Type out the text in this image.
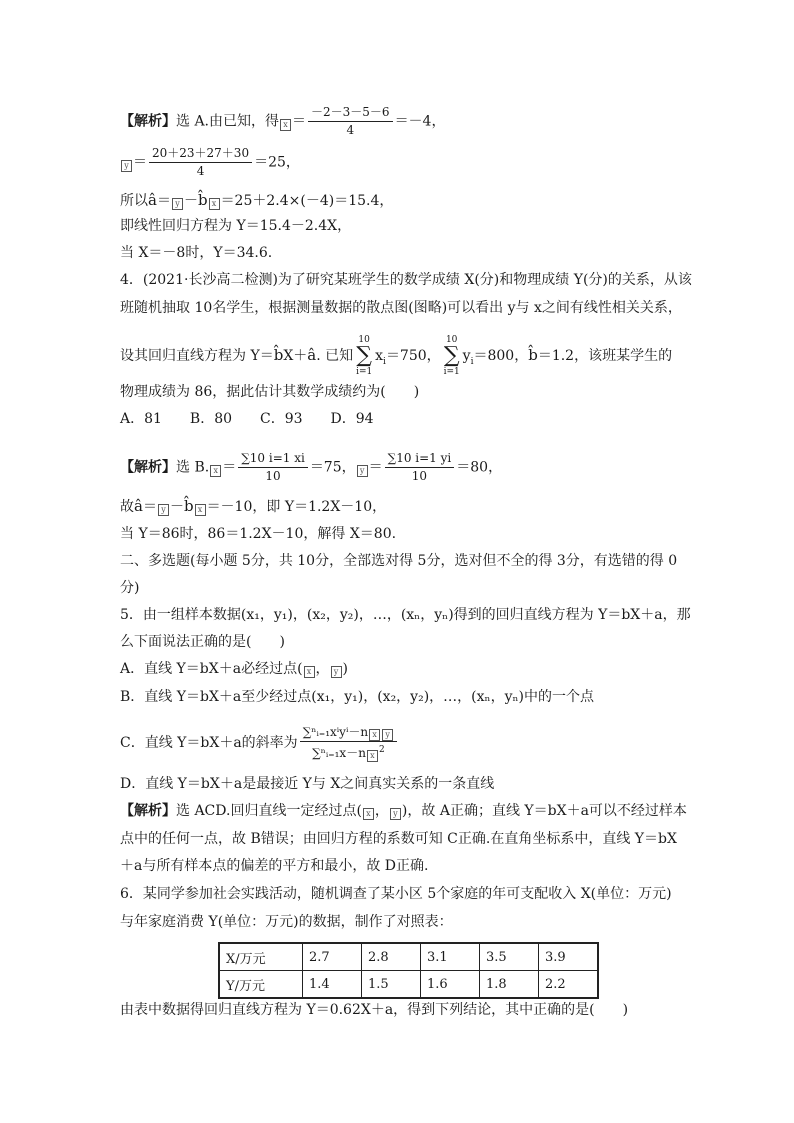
【解析】选 A.由已知，得 $x = \frac{-2-3-5-6}{4} =-4$，
$y = \frac{20+23+27+30}{4} =25$，
所以â＝ y －b̂ x ＝25＋2.4×(－4)＝15.4，
即线性回归方程为 Y＝15.4－2.4X，
当 X＝－8时，Y＝34.6.
4．(2021·长沙高二检测)为了研究某班学生的数学成绩 X(分)和物理成绩 Y(分)的关系，从该
班随机抽取 10名学生，根据测量数据的散点图(图略)可以看出 y与 x之间有线性相关关系，
设其回归直线方程为 Y＝b̂X＋â. 已知
10
∑
i=1
$x_i=750$，
10
∑
i=1
$y_i=800$，b̂＝1.2，该班某学生的
物理成绩为 86，据此估计其数学成绩约为(　　)
A．81　　B．80　　C．93　　D．94
【解析】选 B. $x = \frac{\sum 10 i=1 xi}{10} =75$， $y = \frac{\sum 10 i=1 yi}{10} =80$，
故â＝ y －b̂ x ＝－10，即 Y＝1.2X－10，
当 Y＝86时，86＝1.2X－10，解得 X＝80.
二、多选题(每小题 5分，共 10分，全部选对得 5分，选对但不全的得 3分，有选错的得 0
分)
5．由一组样本数据(x₁，y₁)，(x₂，y₂)，…，(xₙ，yₙ)得到的回归直线方程为 Y＝bX＋a，那
么下面说法正确的是(　　)
A．直线 Y＝bX＋a必经过点( x ， y )
B．直线 Y＝bX＋a至少经过点(x₁，y₁)，(x₂，y₂)，…，(xₙ，yₙ)中的一个点
C．直线 Y＝bX＋a的斜率为 $\frac{\text{∑ⁿᵢ₌₁xⁱyⁱ－n x y}}{\sum^nᵢ_{=1}x-n x^2}$
D．直线 Y＝bX＋a是最接近 Y与 X之间真实关系的一条直线
【解析】选 ACD.回归直线一定经过点( x ， y )，故 A正确；直线 Y＝bX＋a可以不经过样本
点中的任何一点，故 B错误；由回归方程的系数可知 C正确.在直角坐标系中，直线 Y＝bX
＋a与所有样本点的偏差的平方和最小，故 D正确.
6．某同学参加社会实践活动，随机调查了某小区 5个家庭的年可支配收入 X(单位：万元)
与年家庭消费 Y(单位：万元)的数据，制作了对照表：
X/万元	2.7	2.8	3.1	3.5	3.9
Y/万元	1.4	1.5	1.6	1.8	2.2
由表中数据得回归直线方程为 Y＝0.62X＋a，得到下列结论，其中正确的是(　　)
